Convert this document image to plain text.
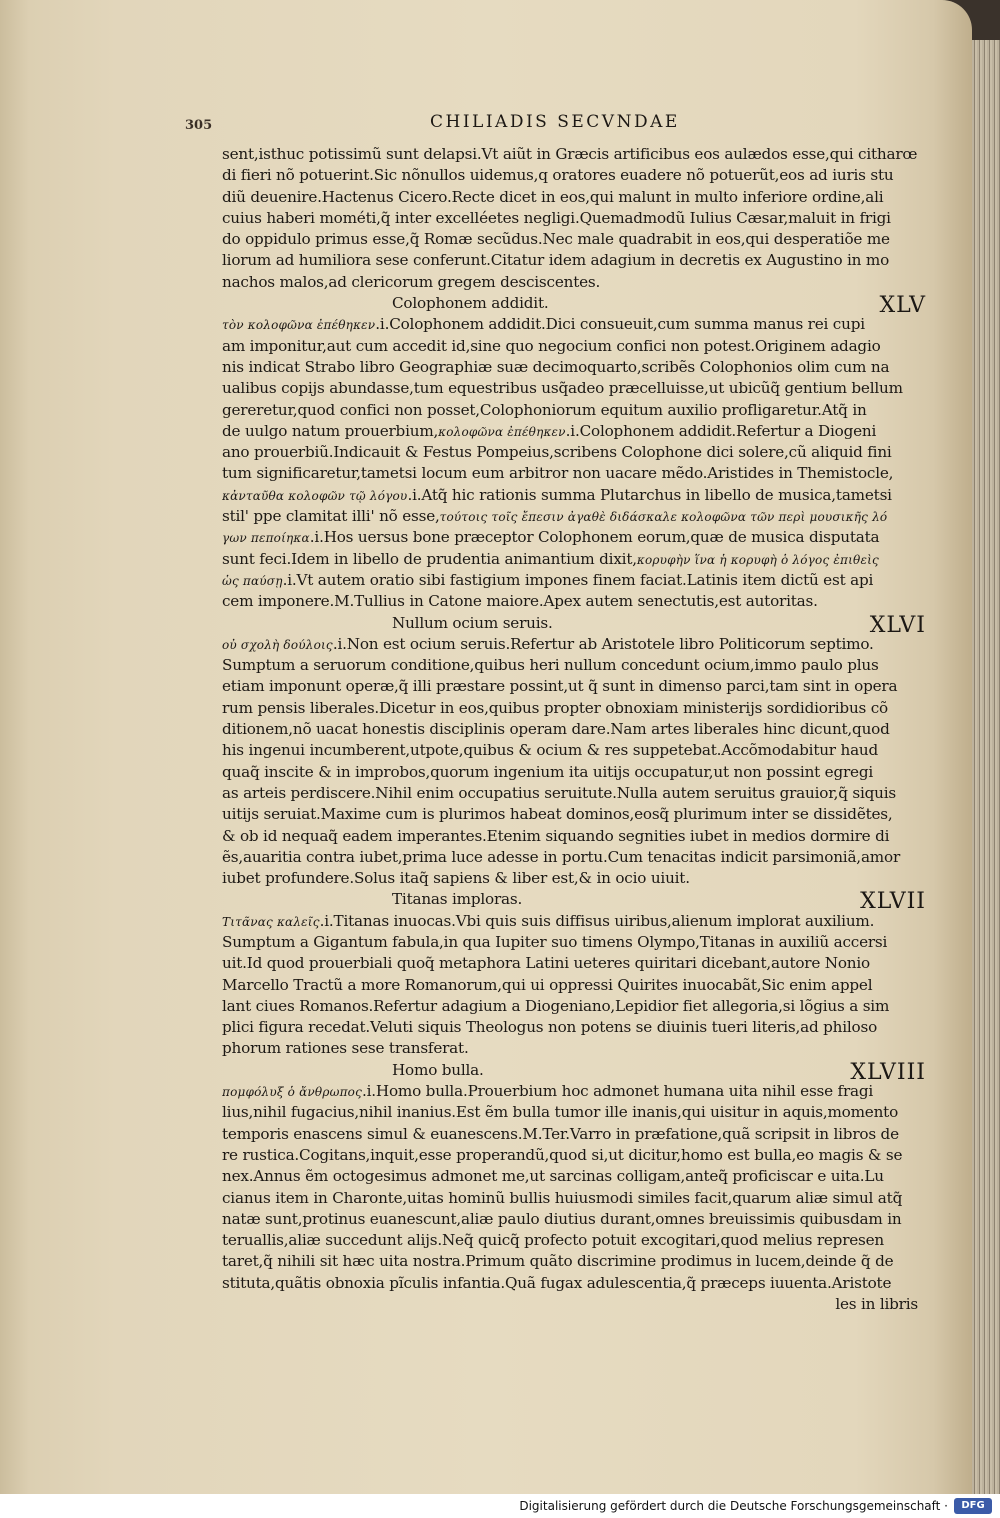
305	CHILIADIS SECVNDAE
sent,isthuc potissimũ sunt delapsi.Vt aiũt in Græcis artificibus eos aulædos esse,qui citharœ
di fieri nõ potuerint.Sic nõnullos uidemus,q oratores euadere nõ potuerũt,eos ad iuris stu
diũ deuenire.Hactenus Cicero.Recte dicet in eos,qui malunt in multo inferiore ordine,ali
cuius haberi mométi,q̃ inter excelléetes negligi.Quemadmodũ Iulius Cæsar,maluit in frigi
do oppidulo primus esse,q̃ Romæ secũdus.Nec male quadrabit in eos,qui desperatiõe me
liorum ad humiliora sese conferunt.Citatur idem adagium in decretis ex Augustino in mo
nachos malos,ad clericorum gregem desciscentes.
Colophonem addidit.	XLV
τὸν κολοφῶνα ἐπέθηκεν.i.Colophonem addidit.Dici consueuit,cum summa manus rei cupi
am imponitur,aut cum accedit id,sine quo negocium confici non potest.Originem adagio
nis indicat Strabo libro Geographiæ suæ decimoquarto,scribẽs Colophonios olim cum na
ualibus copijs abundasse,tum equestribus usq̃adeo præcelluisse,ut ubicũq̃ gentium bellum
gereretur,quod confici non posset,Colophoniorum equitum auxilio profligaretur.Atq̃ in
de uulgo natum prouerbium,κολοφῶνα ἐπέθηκεν.i.Colophonem addidit.Refertur a Diogeni
ano prouerbiũ.Indicauit & Festus Pompeius,scribens Colophone dici solere,cũ aliquid fini
tum significaretur,tametsi locum eum arbitror non uacare mẽdo.Aristides in Themistocle,
κἀνταῦθα κολοφῶν τῷ λόγου.i.Atq̃ hic rationis summa Plutarchus in libello de musica,tametsi
stil' ppe clamitat illi' nõ esse,τούτοις τοῖς ἔπεσιν ἀγαθὲ διδάσκαλε κολοφῶνα τῶν περὶ μουσικῆς λό
γων πεποίηκα.i.Hos uersus bone præceptor Colophonem eorum,quæ de musica disputata
sunt feci.Idem in libello de prudentia animantium dixit,κορυφὴν ἵνα ἡ κορυφὴ ὁ λόγος ἐπιθεὶς
ὡς παύσῃ.i.Vt autem oratio sibi fastigium impones finem faciat.Latinis item dictũ est api
cem imponere.M.Tullius in Catone maiore.Apex autem senectutis,est autoritas.
Nullum ocium seruis.	XLVI
οὐ σχολὴ δούλοις.i.Non est ocium seruis.Refertur ab Aristotele libro Politicorum septimo.
Sumptum a seruorum conditione,quibus heri nullum concedunt ocium,immo paulo plus
etiam imponunt operæ,q̃ illi præstare possint,ut q̃ sunt in dimenso parci,tam sint in opera
rum pensis liberales.Dicetur in eos,quibus propter obnoxiam ministerijs sordidioribus cõ
ditionem,nõ uacat honestis disciplinis operam dare.Nam artes liberales hinc dicunt,quod
his ingenui incumberent,utpote,quibus & ocium & res suppetebat.Accõmodabitur haud
quaq̃ inscite & in improbos,quorum ingenium ita uitijs occupatur,ut non possint egregi
as arteis perdiscere.Nihil enim occupatius seruitute.Nulla autem seruitus grauior,q̃ siquis
uitijs seruiat.Maxime cum is plurimos habeat dominos,eosq̃ plurimum inter se dissidẽtes,
& ob id nequaq̃ eadem imperantes.Etenim siquando segnities iubet in medios dormire di
ẽs,auaritia contra iubet,prima luce adesse in portu.Cum tenacitas indicit parsimoniã,amor
iubet profundere.Solus itaq̃ sapiens & liber est,& in ocio uiuit.
Titanas imploras.	XLVII
Τιτᾶνας καλεῖς.i.Titanas inuocas.Vbi quis suis diffisus uiribus,alienum implorat auxilium.
Sumptum a Gigantum fabula,in qua Iupiter suo timens Olympo,Titanas in auxiliũ accersi
uit.Id quod prouerbiali quoq̃ metaphora Latini ueteres quiritari dicebant,autore Nonio
Marcello Tractũ a more Romanorum,qui ui oppressi Quirites inuocabãt,Sic enim appel
lant ciues Romanos.Refertur adagium a Diogeniano,Lepidior fiet allegoria,si lõgius a sim
plici figura recedat.Veluti siquis Theologus non potens se diuinis tueri literis,ad philoso
phorum rationes sese transferat.
Homo bulla.	XLVIII
πομφόλυξ ὁ ἄνθρωπος.i.Homo bulla.Prouerbium hoc admonet humana uita nihil esse fragi
lius,nihil fugacius,nihil inanius.Est ẽm bulla tumor ille inanis,qui uisitur in aquis,momento
temporis enascens simul & euanescens.M.Ter.Varro in præfatione,quã scripsit in libros de
re rustica.Cogitans,inquit,esse properandũ,quod si,ut dicitur,homo est bulla,eo magis & se
nex.Annus ẽm octogesimus admonet me,ut sarcinas colligam,anteq̃ proficiscar e uita.Lu
cianus item in Charonte,uitas hominũ bullis huiusmodi similes facit,quarum aliæ simul atq̃
natæ sunt,protinus euanescunt,aliæ paulo diutius durant,omnes breuissimis quibusdam in
teruallis,aliæ succedunt alijs.Neq̃ quicq̃ profecto potuit excogitari,quod melius represen
taret,q̃ nihili sit hæc uita nostra.Primum quãto discrimine prodimus in lucem,deinde q̃ de
stituta,quãtis obnoxia pĩculis infantia.Quã fugax adulescentia,q̃ præceps iuuenta.Aristote
les in libris
Digitalisierung gefördert durch die Deutsche Forschungsgemeinschaft ·	DFG
